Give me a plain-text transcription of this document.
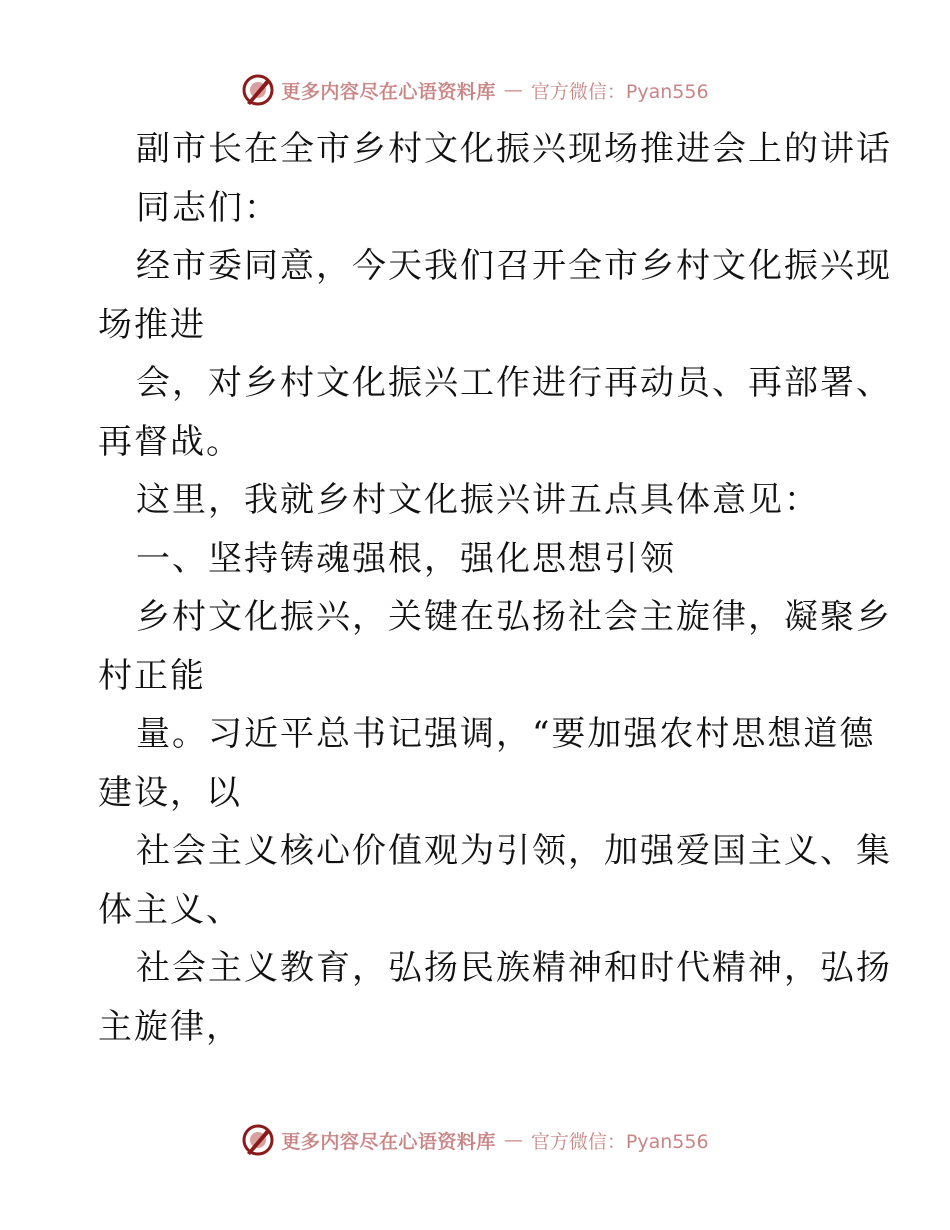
更多内容尽在心语资料库 — 官方微信：Pyan556
副市长在全市乡村文化振兴现场推进会上的讲话
同志们：
经市委同意，今天我们召开全市乡村文化振兴现
场推进
会，对乡村文化振兴工作进行再动员、再部署、
再督战。
这里，我就乡村文化振兴讲五点具体意见：
一、坚持铸魂强根，强化思想引领
乡村文化振兴，关键在弘扬社会主旋律，凝聚乡
村正能
量。习近平总书记强调，“要加强农村思想道德
建设，以
社会主义核心价值观为引领，加强爱国主义、集
体主义、
社会主义教育，弘扬民族精神和时代精神，弘扬
主旋律，
更多内容尽在心语资料库 — 官方微信：Pyan556
